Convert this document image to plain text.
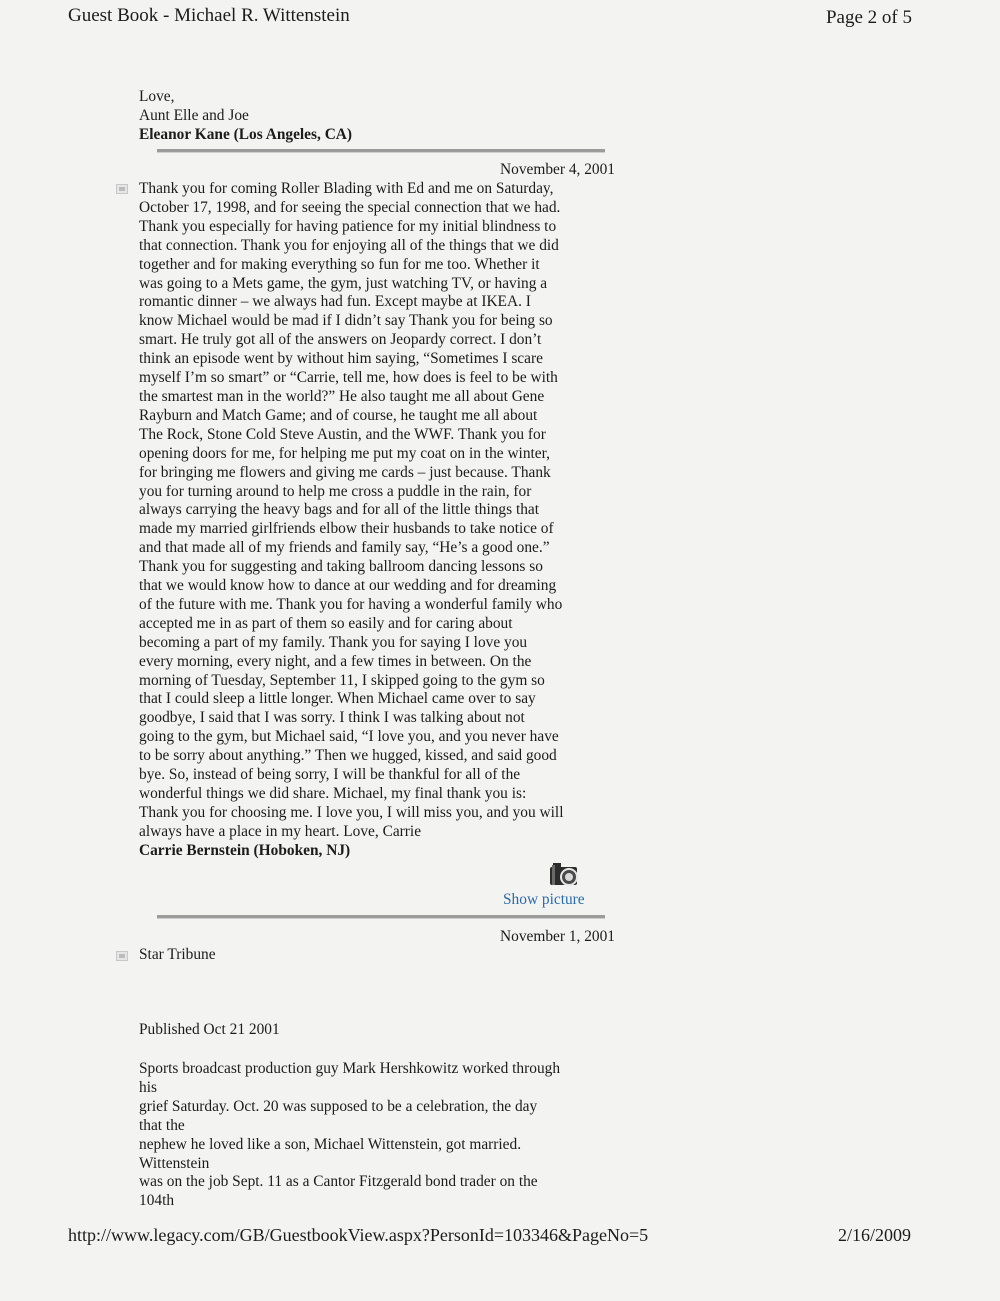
Guest Book - Michael R. Wittenstein	Page 2 of 5
Love,
Aunt Elle and Joe
Eleanor Kane (Los Angeles, CA)
November 4, 2001
Thank you for coming Roller Blading with Ed and me on Saturday,
October 17, 1998, and for seeing the special connection that we had.
Thank you especially for having patience for my initial blindness to
that connection. Thank you for enjoying all of the things that we did
together and for making everything so fun for me too. Whether it
was going to a Mets game, the gym, just watching TV, or having a
romantic dinner – we always had fun. Except maybe at IKEA. I
know Michael would be mad if I didn’t say Thank you for being so
smart. He truly got all of the answers on Jeopardy correct. I don’t
think an episode went by without him saying, “Sometimes I scare
myself I’m so smart” or “Carrie, tell me, how does is feel to be with
the smartest man in the world?” He also taught me all about Gene
Rayburn and Match Game; and of course, he taught me all about
The Rock, Stone Cold Steve Austin, and the WWF. Thank you for
opening doors for me, for helping me put my coat on in the winter,
for bringing me flowers and giving me cards – just because. Thank
you for turning around to help me cross a puddle in the rain, for
always carrying the heavy bags and for all of the little things that
made my married girlfriends elbow their husbands to take notice of
and that made all of my friends and family say, “He’s a good one.”
Thank you for suggesting and taking ballroom dancing lessons so
that we would know how to dance at our wedding and for dreaming
of the future with me. Thank you for having a wonderful family who
accepted me in as part of them so easily and for caring about
becoming a part of my family. Thank you for saying I love you
every morning, every night, and a few times in between. On the
morning of Tuesday, September 11, I skipped going to the gym so
that I could sleep a little longer. When Michael came over to say
goodbye, I said that I was sorry. I think I was talking about not
going to the gym, but Michael said, “I love you, and you never have
to be sorry about anything.” Then we hugged, kissed, and said good
bye. So, instead of being sorry, I will be thankful for all of the
wonderful things we did share. Michael, my final thank you is:
Thank you for choosing me. I love you, I will miss you, and you will
always have a place in my heart. Love, Carrie
Carrie Bernstein (Hoboken, NJ)
Show picture
November 1, 2001
Star Tribune
Published Oct 21 2001
Sports broadcast production guy Mark Hershkowitz worked through
his
grief Saturday. Oct. 20 was supposed to be a celebration, the day
that the
nephew he loved like a son, Michael Wittenstein, got married.
Wittenstein
was on the job Sept. 11 as a Cantor Fitzgerald bond trader on the
104th
http://www.legacy.com/GB/GuestbookView.aspx?PersonId=103346&PageNo=5	2/16/2009
